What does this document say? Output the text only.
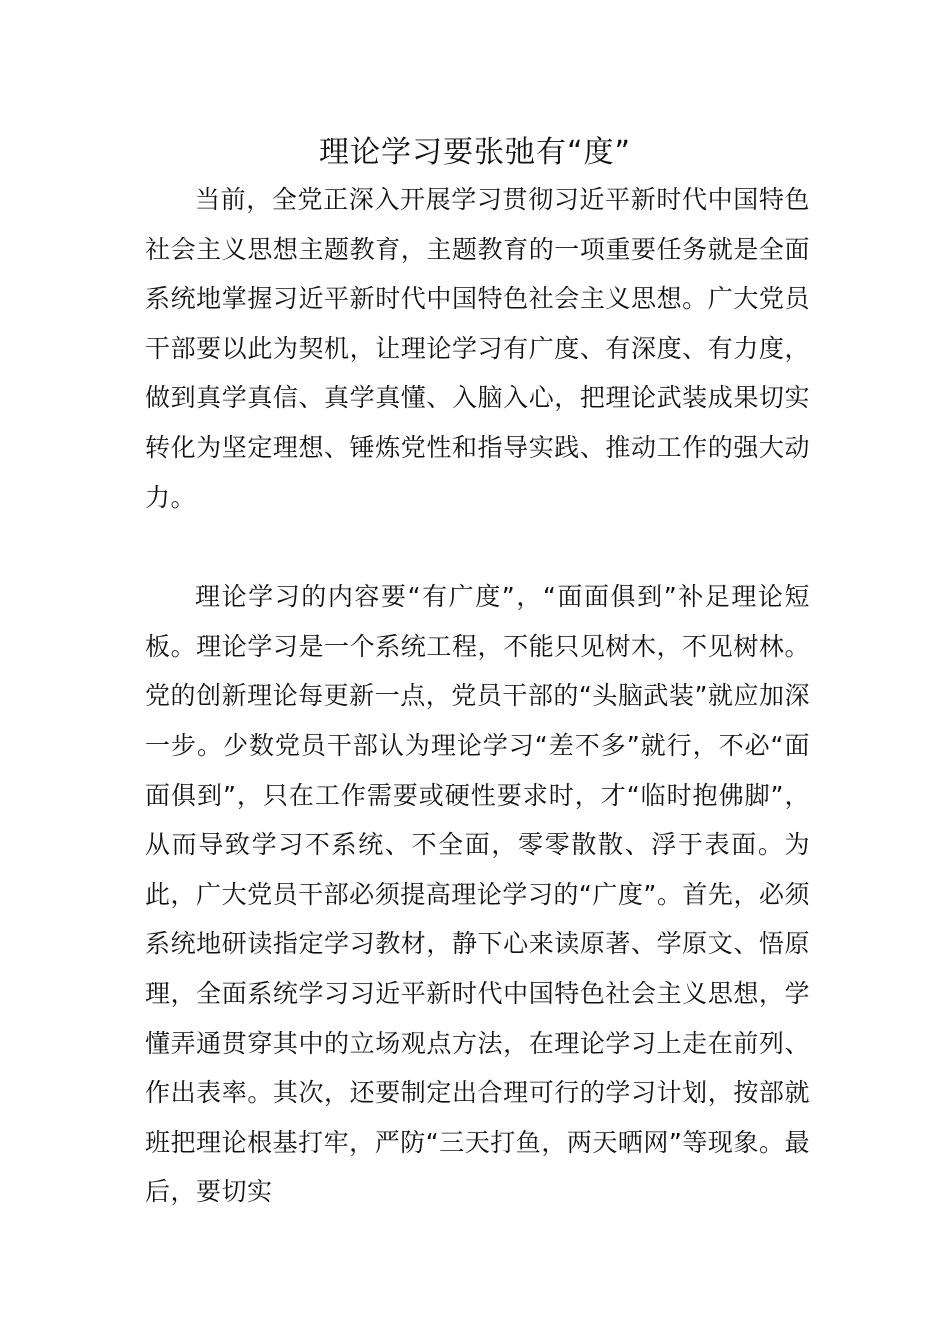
理论学习要张弛有“度”

当前，全党正深入开展学习贯彻习近平新时代中国特色社会主义思想主题教育，主题教育的一项重要任务就是全面系统地掌握习近平新时代中国特色社会主义思想。广大党员干部要以此为契机，让理论学习有广度、有深度、有力度，做到真学真信、真学真懂、入脑入心，把理论武装成果切实转化为坚定理想、锤炼党性和指导实践、推动工作的强大动力。

理论学习的内容要“有广度”，“面面俱到”补足理论短板。理论学习是一个系统工程，不能只见树木，不见树林。党的创新理论每更新一点，党员干部的“头脑武装”就应加深一步。少数党员干部认为理论学习“差不多”就行，不必“面面俱到”，只在工作需要或硬性要求时，才“临时抱佛脚”，从而导致学习不系统、不全面，零零散散、浮于表面。为此，广大党员干部必须提高理论学习的“广度”。首先，必须系统地研读指定学习教材，静下心来读原著、学原文、悟原理，全面系统学习习近平新时代中国特色社会主义思想，学懂弄通贯穿其中的立场观点方法，在理论学习上走在前列、作出表率。其次，还要制定出合理可行的学习计划，按部就班把理论根基打牢，严防“三天打鱼，两天晒网”等现象。最后，要切实
